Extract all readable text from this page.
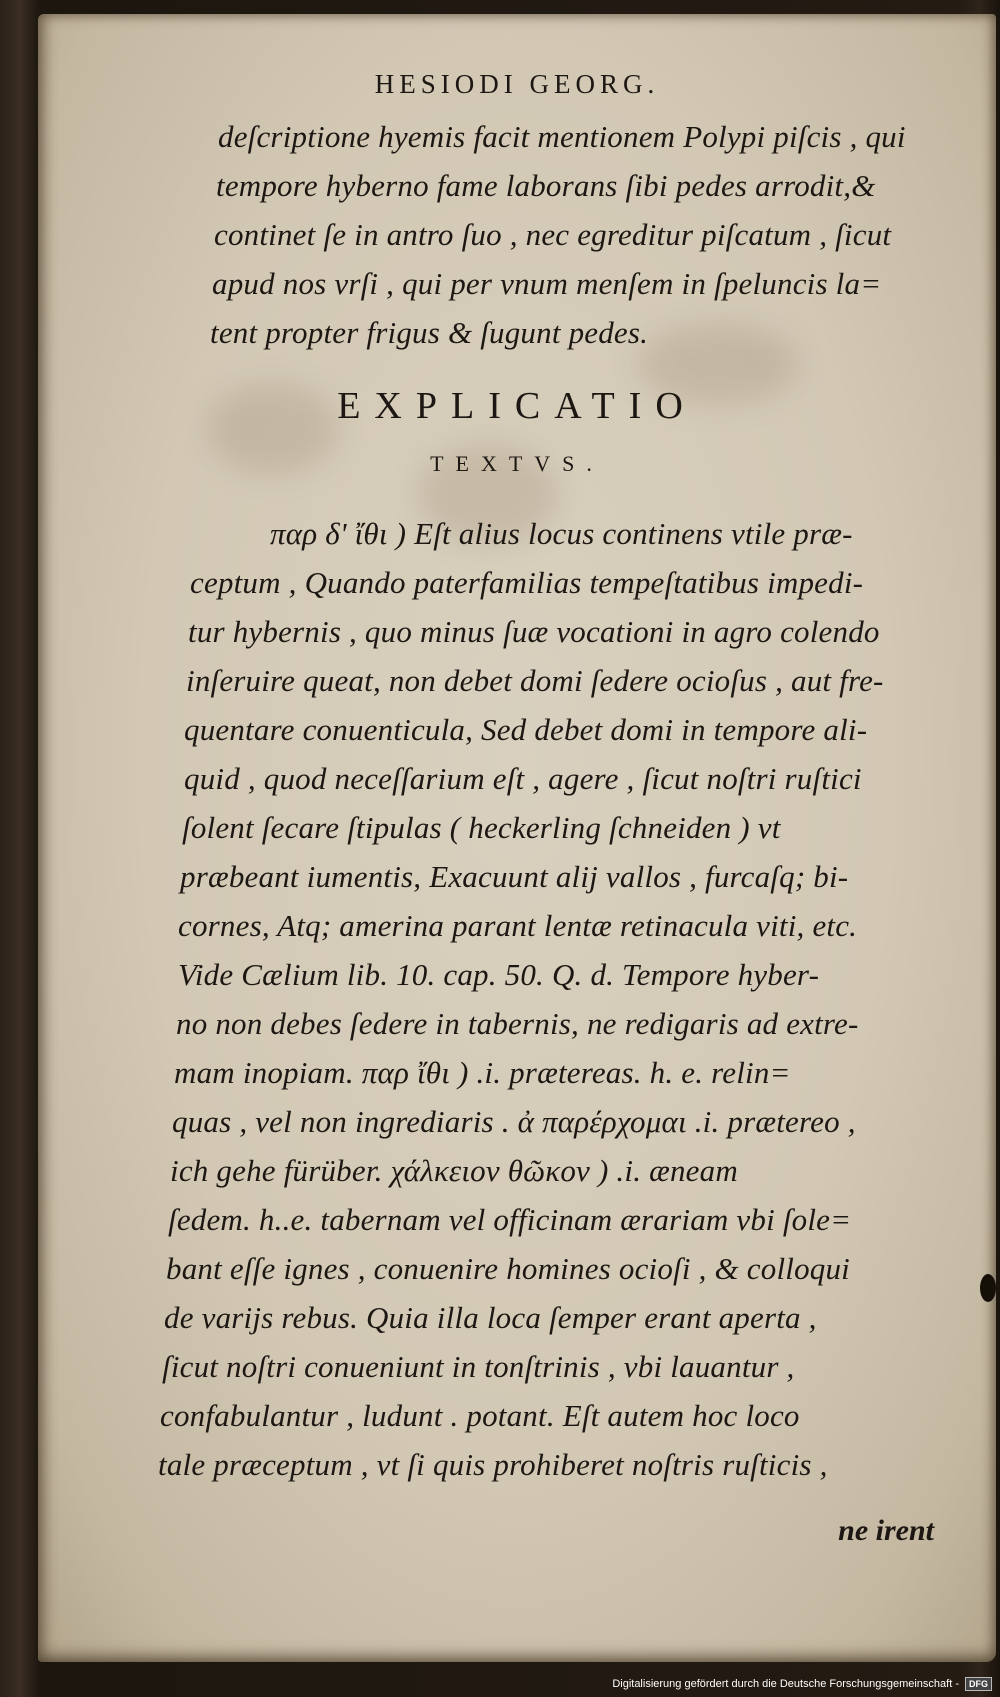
HESIODI GEORG.
deſcriptione hyemis facit mentionem Polypi piſcis , qui
tempore hyberno fame laborans ſibi pedes arrodit,&
continet ſe in antro ſuo , nec egreditur piſcatum , ſicut
apud nos vrſi , qui per vnum menſem in ſpeluncis la=
tent propter frigus & ſugunt pedes.
EXPLICATIO
TEXTVS.
παρ δ' ἴθι ) Eſt alius locus continens vtile præ-
ceptum , Quando paterfamilias tempeſtatibus impedi-
tur hybernis , quo minus ſuæ vocationi in agro colendo
inſeruire queat, non debet domi ſedere ocioſus , aut fre-
quentare conuenticula, Sed debet domi in tempore ali-
quid , quod neceſſarium eſt , agere , ſicut noſtri ruſtici
ſolent ſecare ſtipulas ( heckerling ſchneiden ) vt
præbeant iumentis, Exacuunt alij vallos , furcaſq; bi-
cornes, Atq; amerina parant lentæ retinacula viti, etc.
Vide Cælium lib. 10. cap. 50. Q. d. Tempore hyber-
no non debes ſedere in tabernis, ne redigaris ad extre-
mam inopiam. παρ ἴθι ) .i. prætereas. h. e. relin=
quas , vel non ingrediaris . ἀ παρέρχομαι .i. prætereo ,
ich gehe fürüber. χάλκειον θῶκον ) .i. æneam
ſedem. h..e. tabernam vel officinam ærariam vbi ſole=
bant eſſe ignes , conuenire homines ocioſi , & colloqui
de varijs rebus. Quia illa loca ſemper erant aperta ,
ſicut noſtri conueniunt in tonſtrinis , vbi lauantur ,
confabulantur , ludunt . potant. Eſt autem hoc loco
tale præceptum , vt ſi quis prohiberet noſtris ruſticis ,
ne irent
Digitalisierung gefördert durch die Deutsche Forschungsgemeinschaft -	DFG
